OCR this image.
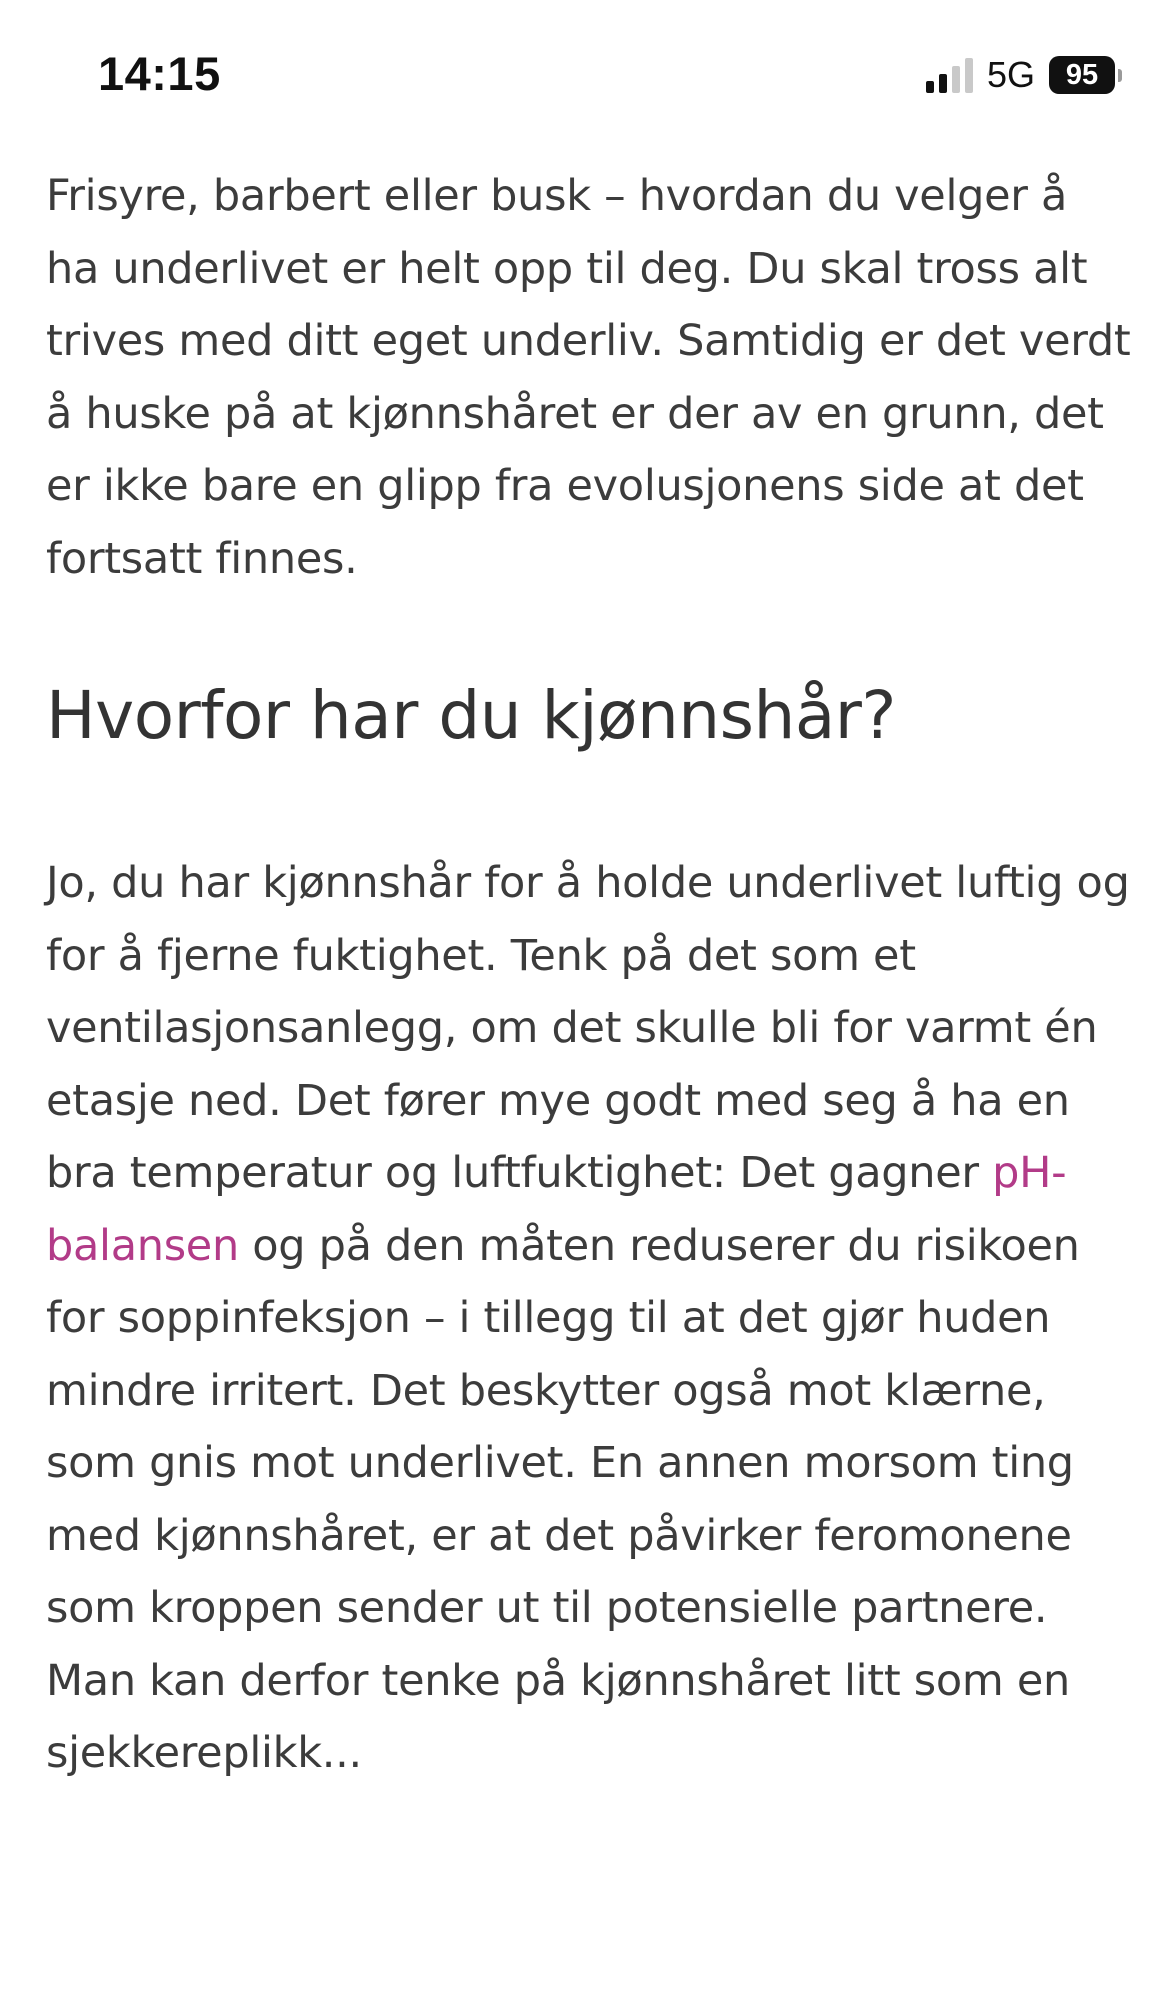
14:15	5G	95

Frisyre, barbert eller busk – hvordan du velger å ha underlivet er helt opp til deg. Du skal tross alt trives med ditt eget underliv. Samtidig er det verdt å huske på at kjønnshåret er der av en grunn, det er ikke bare en glipp fra evolusjonens side at det fortsatt finnes.

Hvorfor har du kjønnshår?

Jo, du har kjønnshår for å holde underlivet luftig og for å fjerne fuktighet. Tenk på det som et ventilasjonsanlegg, om det skulle bli for varmt én etasje ned. Det fører mye godt med seg å ha en bra temperatur og luftfuktighet: Det gagner pH-balansen og på den måten reduserer du risikoen for soppinfeksjon – i tillegg til at det gjør huden mindre irritert. Det beskytter også mot klærne, som gnis mot underlivet. En annen morsom ting med kjønnshåret, er at det påvirker feromonene som kroppen sender ut til potensielle partnere. Man kan derfor tenke på kjønnshåret litt som en sjekkereplikk...
